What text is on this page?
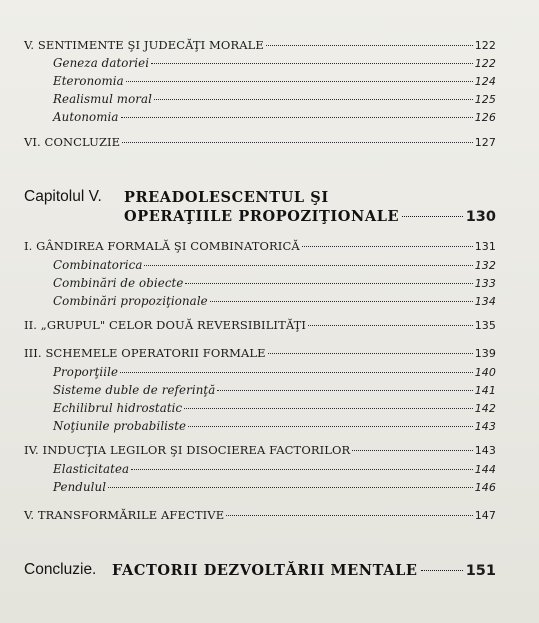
V. SENTIMENTE ŞI JUDECĂŢI MORALE	122
Geneza datoriei	122
Eteronomia	124
Realismul moral	125
Autonomia	126
VI. CONCLUZIE	127
Capitolul V. PREADOLESCENTUL ŞI
OPERAŢIILE PROPOZIŢIONALE	130
I. GÂNDIREA FORMALĂ ŞI COMBINATORICĂ	131
Combinatorica	132
Combinări de obiecte	133
Combinări propoziţionale	134
II. „GRUPUL" CELOR DOUĂ REVERSIBILITĂŢI	135
III. SCHEMELE OPERATORII FORMALE	139
Proporţiile	140
Sisteme duble de referinţă	141
Echilibrul hidrostatic	142
Noţiunile probabiliste	143
IV. INDUCŢIA LEGILOR ŞI DISOCIEREA FACTORILOR	143
Elasticitatea	144
Pendulul	146
V. TRANSFORMĂRILE AFECTIVE	147
Concluzie. FACTORII DEZVOLTĂRII MENTALE	151
